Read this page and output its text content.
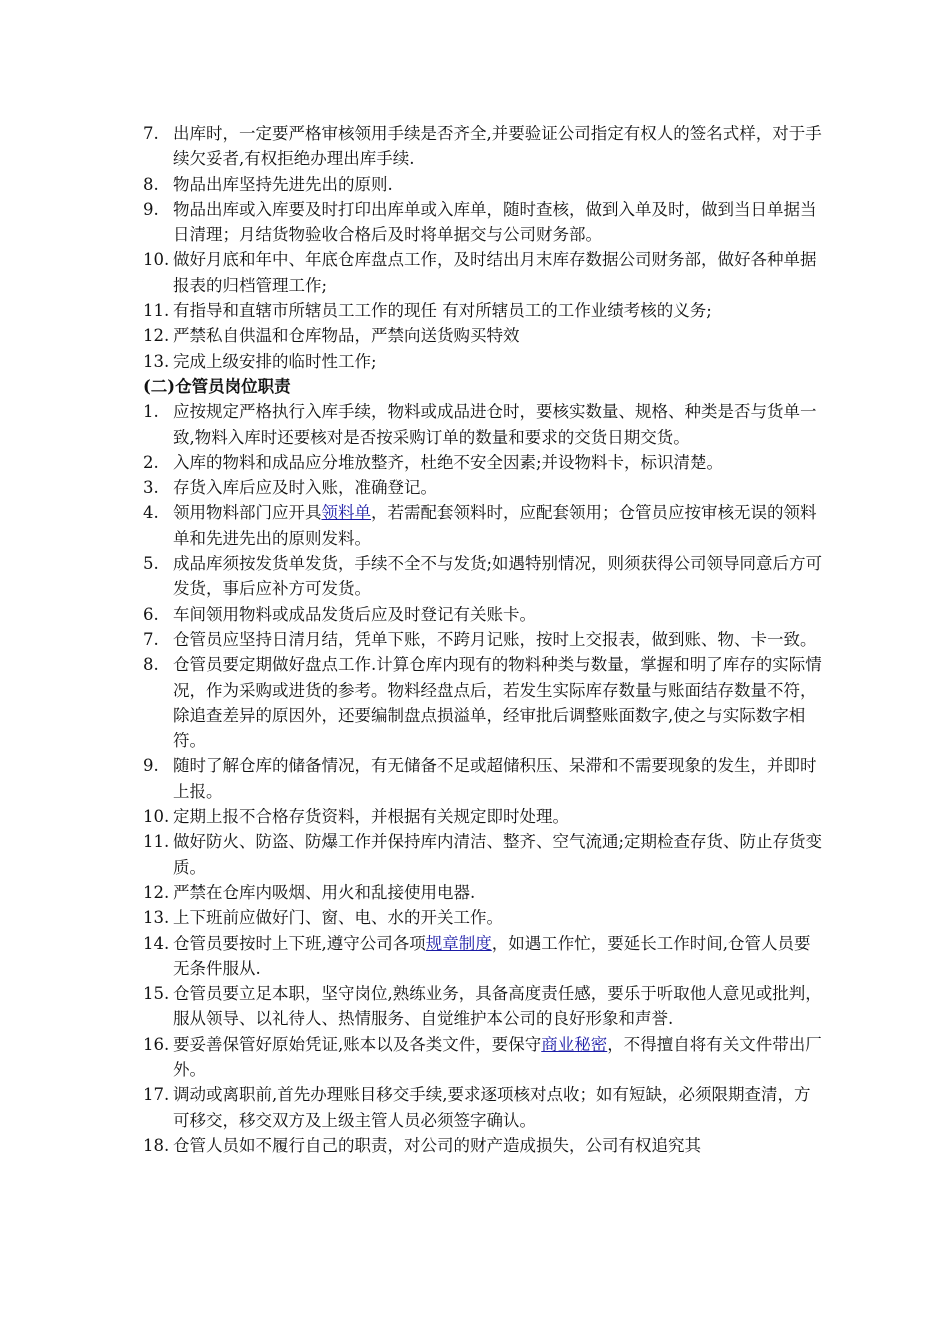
7. 出库时，一定要严格审核领用手续是否齐全,并要验证公司指定有权人的签名式样，对于手续欠妥者,有权拒绝办理出库手续.
8. 物品出库坚持先进先出的原则.
9. 物品出库或入库要及时打印出库单或入库单，随时查核，做到入单及时，做到当日单据当日清理；月结货物验收合格后及时将单据交与公司财务部。
10. 做好月底和年中、年底仓库盘点工作，及时结出月末库存数据公司财务部，做好各种单据报表的归档管理工作;
11. 有指导和直辖市所辖员工工作的现任 有对所辖员工的工作业绩考核的义务;
12. 严禁私自供温和仓库物品，严禁向送货购买特效
13. 完成上级安排的临时性工作;
(二)仓管员岗位职责
1. 应按规定严格执行入库手续，物料或成品进仓时，要核实数量、规格、种类是否与货单一致,物料入库时还要核对是否按采购订单的数量和要求的交货日期交货。
2. 入库的物料和成品应分堆放整齐，杜绝不安全因素;并设物料卡，标识清楚。
3. 存货入库后应及时入账，准确登记。
4. 领用物料部门应开具领料单，若需配套领料时，应配套领用；仓管员应按审核无误的领料单和先进先出的原则发料。
5. 成品库须按发货单发货，手续不全不与发货;如遇特别情况，则须获得公司领导同意后方可发货，事后应补方可发货。
6. 车间领用物料或成品发货后应及时登记有关账卡。
7. 仓管员应坚持日清月结，凭单下账，不跨月记账，按时上交报表，做到账、物、卡一致。
8. 仓管员要定期做好盘点工作.计算仓库内现有的物料种类与数量，掌握和明了库存的实际情况，作为采购或进货的参考。物料经盘点后，若发生实际库存数量与账面结存数量不符，除追查差异的原因外，还要编制盘点损溢单，经审批后调整账面数字,使之与实际数字相符。
9. 随时了解仓库的储备情况，有无储备不足或超储积压、呆滞和不需要现象的发生，并即时上报。
10. 定期上报不合格存货资料，并根据有关规定即时处理。
11. 做好防火、防盗、防爆工作并保持库内清洁、整齐、空气流通;定期检查存货、防止存货变质。
12. 严禁在仓库内吸烟、用火和乱接使用电器.
13. 上下班前应做好门、窗、电、水的开关工作。
14. 仓管员要按时上下班,遵守公司各项规章制度，如遇工作忙，要延长工作时间,仓管人员要无条件服从.
15. 仓管员要立足本职，坚守岗位,熟练业务，具备高度责任感，要乐于听取他人意见或批判，服从领导、以礼待人、热情服务、自觉维护本公司的良好形象和声誉.
16. 要妥善保管好原始凭证,账本以及各类文件，要保守商业秘密，不得擅自将有关文件带出厂外。
17. 调动或离职前,首先办理账目移交手续,要求逐项核对点收；如有短缺，必须限期查清，方可移交，移交双方及上级主管人员必须签字确认。
18. 仓管人员如不履行自己的职责，对公司的财产造成损失，公司有权追究其
